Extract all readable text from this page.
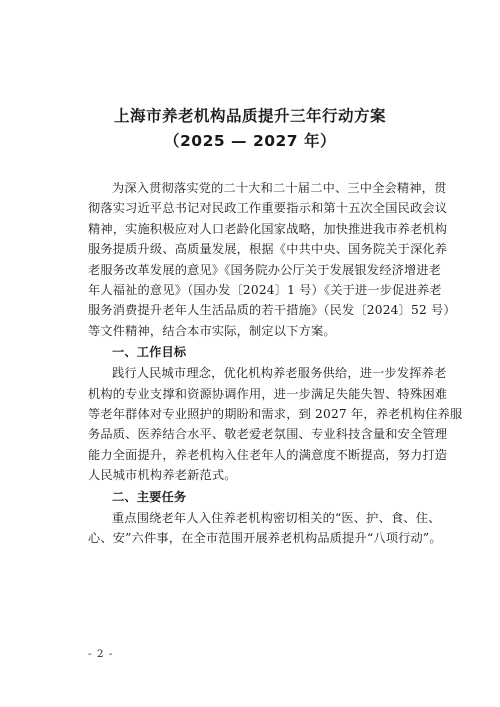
上海市养老机构品质提升三年行动方案
（2025 — 2027 年）
为深入贯彻落实党的二十大和二十届二中、三中全会精神，贯
彻落实习近平总书记对民政工作重要指示和第十五次全国民政会议
精神，实施积极应对人口老龄化国家战略，加快推进我市养老机构
服务提质升级、高质量发展，根据《中共中央、国务院关于深化养
老服务改革发展的意见》《国务院办公厅关于发展银发经济增进老
年人福祉的意见》（国办发〔2024〕1 号）《关于进一步促进养老
服务消费提升老年人生活品质的若干措施》（民发〔2024〕52 号）
等文件精神，结合本市实际，制定以下方案。
一、工作目标
践行人民城市理念，优化机构养老服务供给，进一步发挥养老
机构的专业支撑和资源协调作用，进一步满足失能失智、特殊困难
等老年群体对专业照护的期盼和需求，到 2027 年，养老机构住养服
务品质、医养结合水平、敬老爱老氛围、专业科技含量和安全管理
能力全面提升，养老机构入住老年人的满意度不断提高，努力打造
人民城市机构养老新范式。
二、主要任务
重点围绕老年人入住养老机构密切相关的“医、护、食、住、
心、安”六件事，在全市范围开展养老机构品质提升“八项行动”。
- 2 -
